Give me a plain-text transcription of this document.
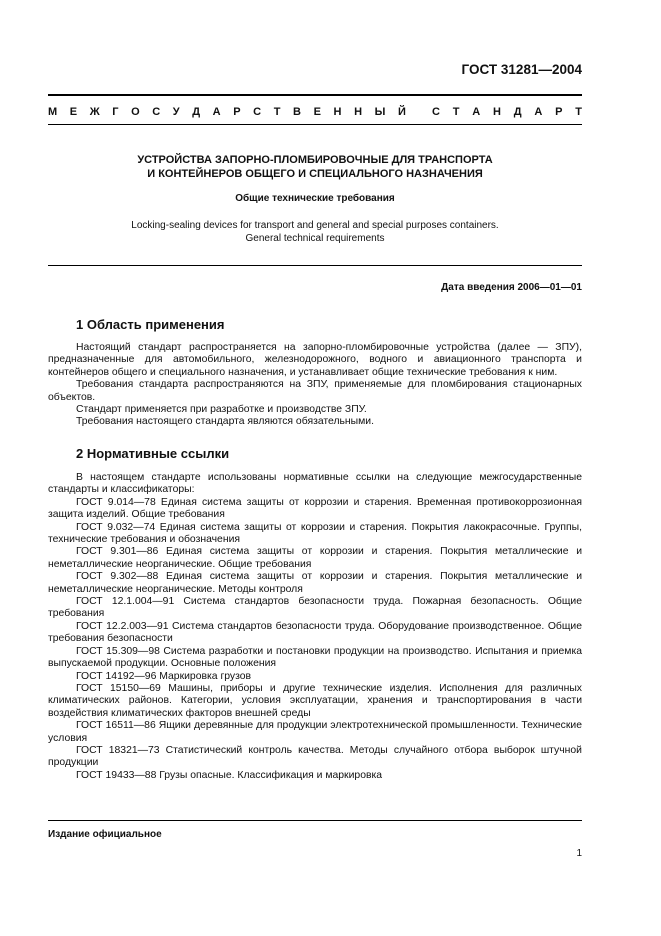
ГОСТ 31281—2004
М Е Ж Г О С У Д А Р С Т В Е Н Н Ы Й С Т А Н Д А Р Т
УСТРОЙСТВА ЗАПОРНО-ПЛОМБИРОВОЧНЫЕ ДЛЯ ТРАНСПОРТА
И КОНТЕЙНЕРОВ ОБЩЕГО И СПЕЦИАЛЬНОГО НАЗНАЧЕНИЯ
Общие технические требования
Locking-sealing devices for transport and general and special purposes containers.
General technical requirements
Дата введения 2006—01—01
1 Область применения

Настоящий стандарт распространяется на запорно-пломбировочные устройства (далее — ЗПУ), предназначенные для автомобильного, железнодорожного, водного и авиационного транспорта и контейнеров общего и специального назначения, и устанавливает общие технические требования к ним.

Требования стандарта распространяются на ЗПУ, применяемые для пломбирования стационарных объектов.

Стандарт применяется при разработке и производстве ЗПУ.

Требования настоящего стандарта являются обязательными.

2 Нормативные ссылки

В настоящем стандарте использованы нормативные ссылки на следующие межгосударственные стандарты и классификаторы:

ГОСТ 9.014—78 Единая система защиты от коррозии и старения. Временная противокоррозионная защита изделий. Общие требования

ГОСТ 9.032—74 Единая система защиты от коррозии и старения. Покрытия лакокрасочные. Группы, технические требования и обозначения

ГОСТ 9.301—86 Единая система защиты от коррозии и старения. Покрытия металлические и неметаллические неорганические. Общие требования

ГОСТ 9.302—88 Единая система защиты от коррозии и старения. Покрытия металлические и неметаллические неорганические. Методы контроля

ГОСТ 12.1.004—91 Система стандартов безопасности труда. Пожарная безопасность. Общие требования

ГОСТ 12.2.003—91 Система стандартов безопасности труда. Оборудование производственное. Общие требования безопасности

ГОСТ 15.309—98 Система разработки и постановки продукции на производство. Испытания и приемка выпускаемой продукции. Основные положения

ГОСТ 14192—96 Маркировка грузов

ГОСТ 15150—69 Машины, приборы и другие технические изделия. Исполнения для различных климатических районов. Категории, условия эксплуатации, хранения и транспортирования в части воздействия климатических факторов внешней среды

ГОСТ 16511—86 Ящики деревянные для продукции электротехнической промышленности. Технические условия

ГОСТ 18321—73 Статистический контроль качества. Методы случайного отбора выборок штучной продукции

ГОСТ 19433—88 Грузы опасные. Классификация и маркировка

Издание официальное
1
